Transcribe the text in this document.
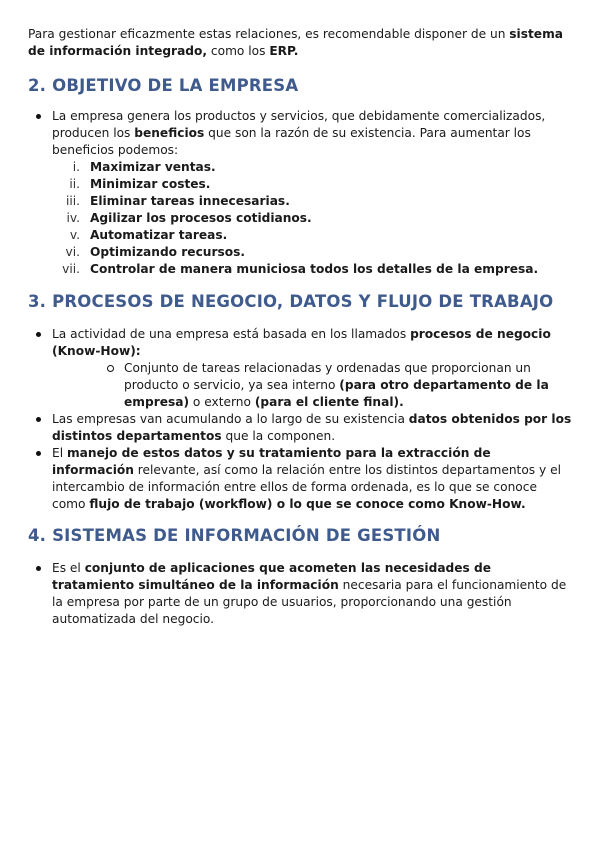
Para gestionar eficazmente estas relaciones, es recomendable disponer de un sistema de información integrado, como los ERP.

2. OBJETIVO DE LA EMPRESA

La empresa genera los productos y servicios, que debidamente comercializados, producen los beneficios que son la razón de su existencia. Para aumentar los beneficios podemos:

i. Maximizar ventas.
ii. Minimizar costes.
iii. Eliminar tareas innecesarias.
iv. Agilizar los procesos cotidianos.
v. Automatizar tareas.
vi. Optimizando recursos.
vii. Controlar de manera municiosa todos los detalles de la empresa.
3. PROCESOS DE NEGOCIO, DATOS Y FLUJO DE TRABAJO

La actividad de una empresa está basada en los llamados procesos de negocio (Know-How):

Conjunto de tareas relacionadas y ordenadas que proporcionan un producto o servicio, ya sea interno (para otro departamento de la empresa) o externo (para el cliente final).

Las empresas van acumulando a lo largo de su existencia datos obtenidos por los distintos departamentos que la componen.

El manejo de estos datos y su tratamiento para la extracción de información relevante, así como la relación entre los distintos departamentos y el intercambio de información entre ellos de forma ordenada, es lo que se conoce como flujo de trabajo (workflow) o lo que se conoce como Know-How.

4. SISTEMAS DE INFORMACIÓN DE GESTIÓN

Es el conjunto de aplicaciones que acometen las necesidades de tratamiento simultáneo de la información necesaria para el funcionamiento de la empresa por parte de un grupo de usuarios, proporcionando una gestión automatizada del negocio.
